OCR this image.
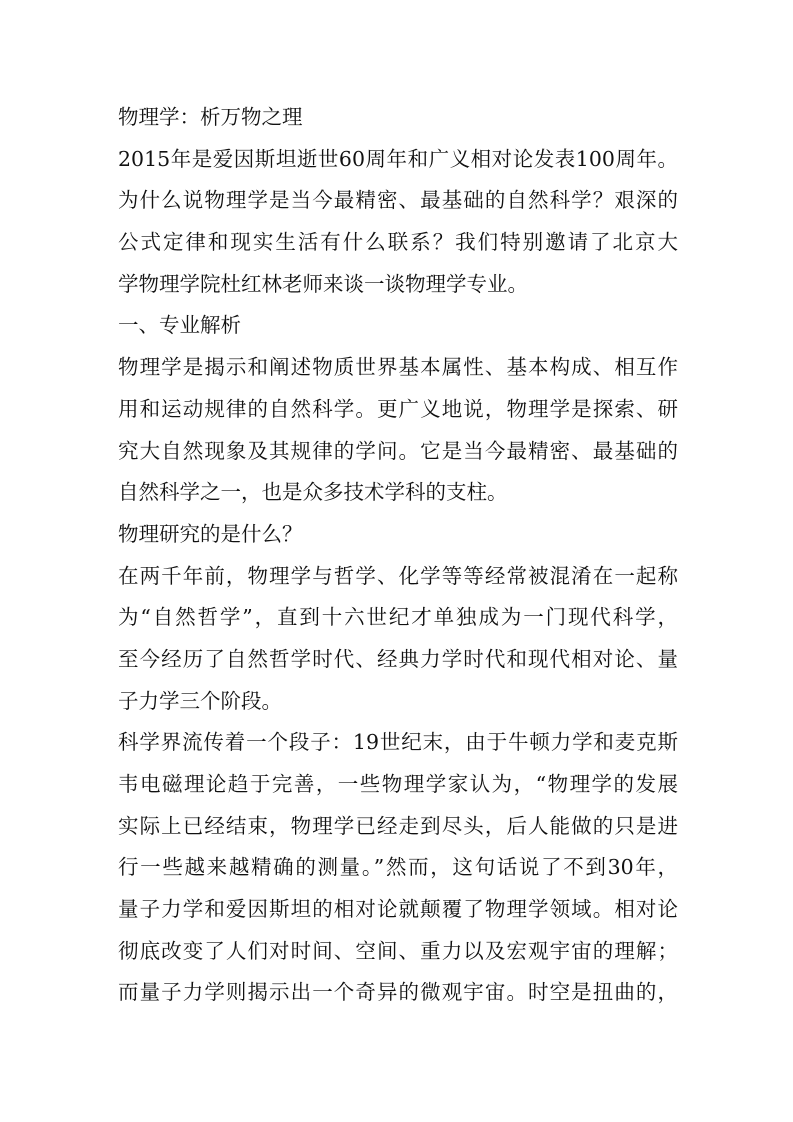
物理学：析万物之理
2015年是爱因斯坦逝世60周年和广义相对论发表100周年。
为什么说物理学是当今最精密、最基础的自然科学？艰深的
公式定律和现实生活有什么联系？我们特别邀请了北京大
学物理学院杜红林老师来谈一谈物理学专业。
一、专业解析
物理学是揭示和阐述物质世界基本属性、基本构成、相互作
用和运动规律的自然科学。更广义地说，物理学是探索、研
究大自然现象及其规律的学问。它是当今最精密、最基础的
自然科学之一，也是众多技术学科的支柱。
物理研究的是什么？
在两千年前，物理学与哲学、化学等等经常被混淆在一起称
为“自然哲学”，直到十六世纪才单独成为一门现代科学，
至今经历了自然哲学时代、经典力学时代和现代相对论、量
子力学三个阶段。
科学界流传着一个段子：19世纪末，由于牛顿力学和麦克斯
韦电磁理论趋于完善，一些物理学家认为，“物理学的发展
实际上已经结束，物理学已经走到尽头，后人能做的只是进
行一些越来越精确的测量。”然而，这句话说了不到30年，
量子力学和爱因斯坦的相对论就颠覆了物理学领域。相对论
彻底改变了人们对时间、空间、重力以及宏观宇宙的理解；
而量子力学则揭示出一个奇异的微观宇宙。时空是扭曲的，
